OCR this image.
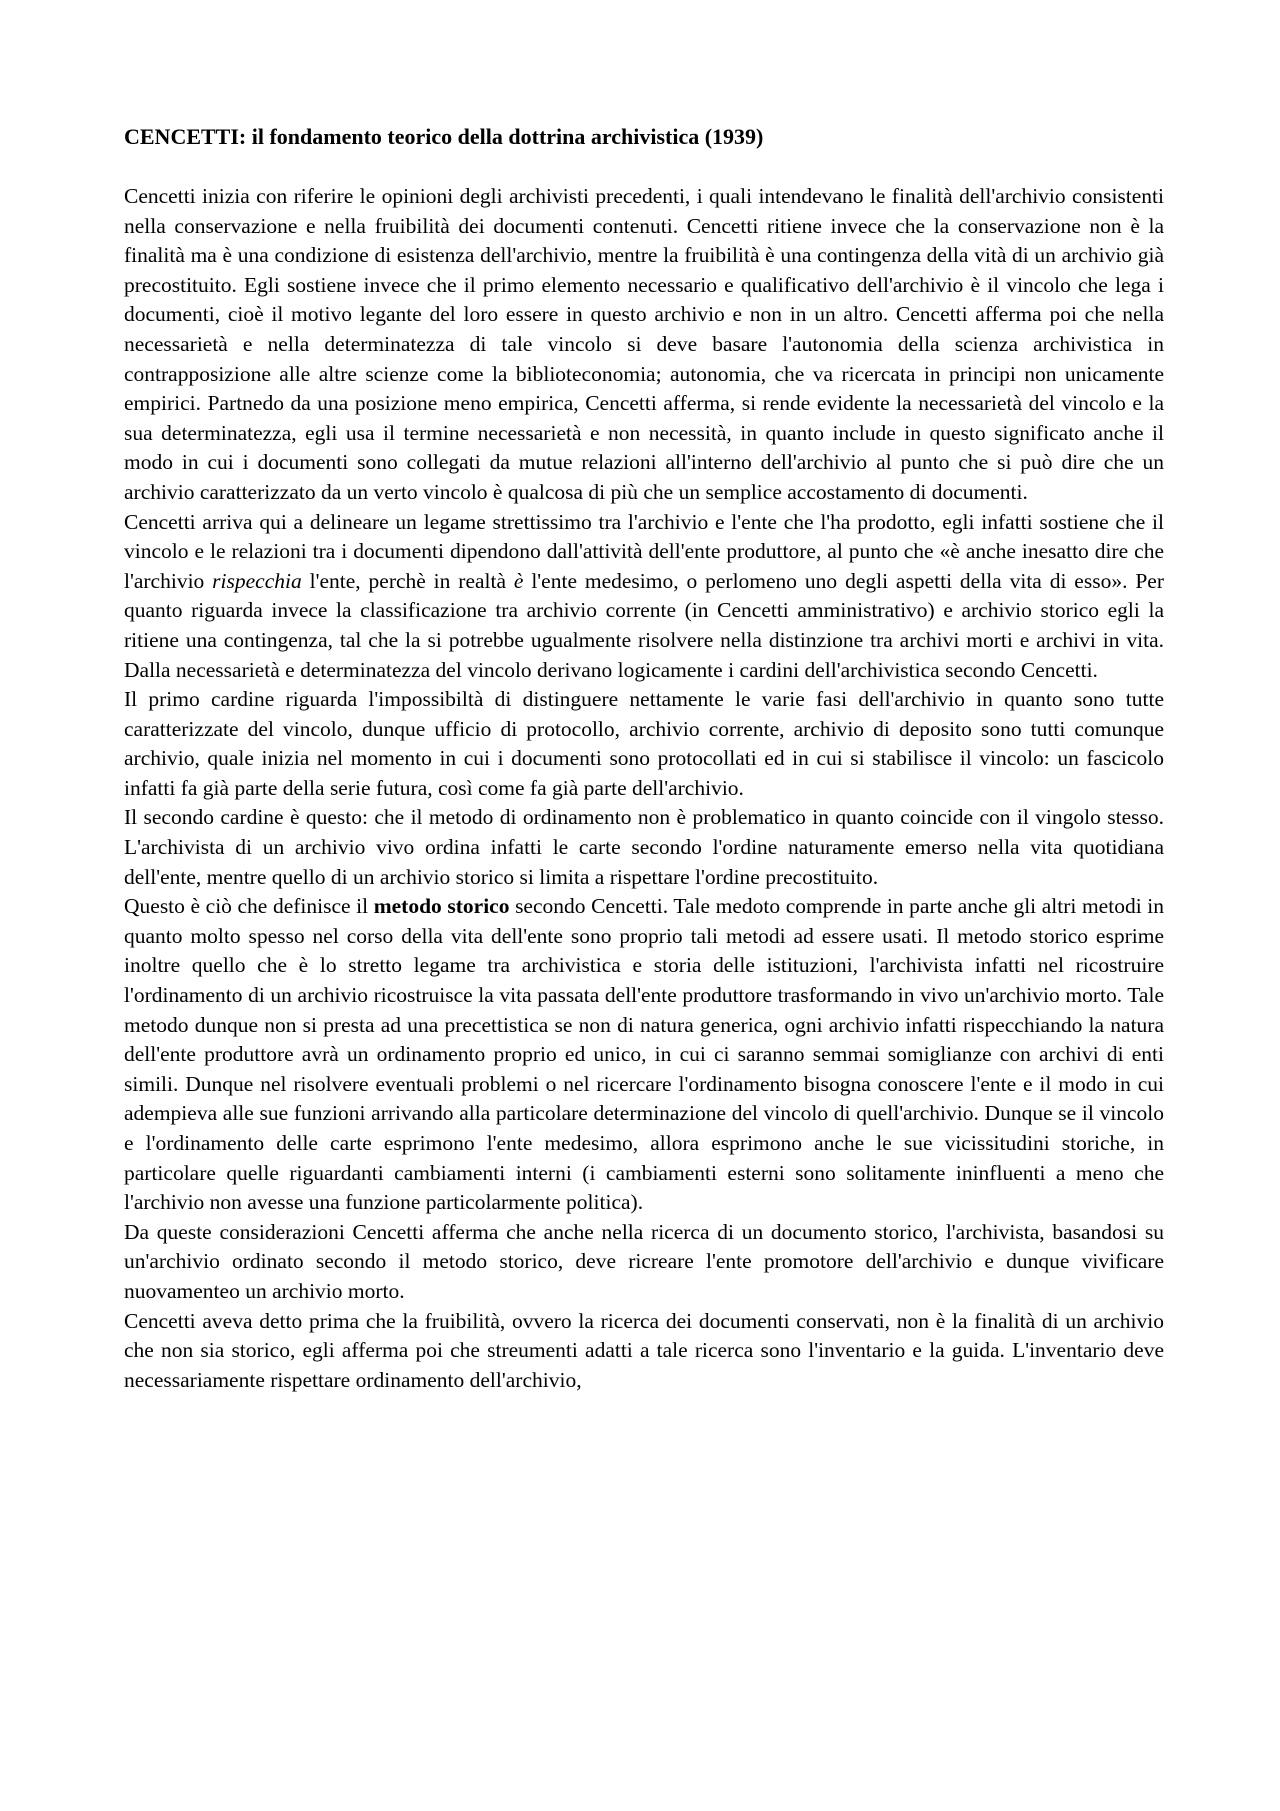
CENCETTI: il fondamento teorico della dottrina archivistica (1939)

Cencetti inizia con riferire le opinioni degli archivisti precedenti, i quali intendevano le finalità dell'archivio consistenti nella conservazione e nella fruibilità dei documenti contenuti. Cencetti ritiene invece che la conservazione non è la finalità ma è una condizione di esistenza dell'archivio, mentre la fruibilità è una contingenza della vità di un archivio già precostituito. Egli sostiene invece che il primo elemento necessario e qualificativo dell'archivio è il vincolo che lega i documenti, cioè il motivo legante del loro essere in questo archivio e non in un altro. Cencetti afferma poi che nella necessarietà e nella determinatezza di tale vincolo si deve basare l'autonomia della scienza archivistica in contrapposizione alle altre scienze come la biblioteconomia; autonomia, che va ricercata in principi non unicamente empirici. Partnedo da una posizione meno empirica, Cencetti afferma, si rende evidente la necessarietà del vincolo e la sua determinatezza, egli usa il termine necessarietà e non necessità, in quanto include in questo significato anche il modo in cui i documenti sono collegati da mutue relazioni all'interno dell'archivio al punto che si può dire che un archivio caratterizzato da un verto vincolo è qualcosa di più che un semplice accostamento di documenti.

Cencetti arriva qui a delineare un legame strettissimo tra l'archivio e l'ente che l'ha prodotto, egli infatti sostiene che il vincolo e le relazioni tra i documenti dipendono dall'attività dell'ente produttore, al punto che «è anche inesatto dire che l'archivio rispecchia l'ente, perchè in realtà è l'ente medesimo, o perlomeno uno degli aspetti della vita di esso». Per quanto riguarda invece la classificazione tra archivio corrente (in Cencetti amministrativo) e archivio storico egli la ritiene una contingenza, tal che la si potrebbe ugualmente risolvere nella distinzione tra archivi morti e archivi in vita. Dalla necessarietà e determinatezza del vincolo derivano logicamente i cardini dell'archivistica secondo Cencetti.

Il primo cardine riguarda l'impossibiltà di distinguere nettamente le varie fasi dell'archivio in quanto sono tutte caratterizzate del vincolo, dunque ufficio di protocollo, archivio corrente, archivio di deposito sono tutti comunque archivio, quale inizia nel momento in cui i documenti sono protocollati ed in cui si stabilisce il vincolo: un fascicolo infatti fa già parte della serie futura, così come fa già parte dell'archivio.

Il secondo cardine è questo: che il metodo di ordinamento non è problematico in quanto coincide con il vingolo stesso. L'archivista di un archivio vivo ordina infatti le carte secondo l'ordine naturamente emerso nella vita quotidiana dell'ente, mentre quello di un archivio storico si limita a rispettare l'ordine precostituito.

Questo è ciò che definisce il metodo storico secondo Cencetti. Tale medoto comprende in parte anche gli altri metodi in quanto molto spesso nel corso della vita dell'ente sono proprio tali metodi ad essere usati. Il metodo storico esprime inoltre quello che è lo stretto legame tra archivistica e storia delle istituzioni, l'archivista infatti nel ricostruire l'ordinamento di un archivio ricostruisce la vita passata dell'ente produttore trasformando in vivo un'archivio morto. Tale metodo dunque non si presta ad una precettistica se non di natura generica, ogni archivio infatti rispecchiando la natura dell'ente produttore avrà un ordinamento proprio ed unico, in cui ci saranno semmai somiglianze con archivi di enti simili. Dunque nel risolvere eventuali problemi o nel ricercare l'ordinamento bisogna conoscere l'ente e il modo in cui adempieva alle sue funzioni arrivando alla particolare determinazione del vincolo di quell'archivio. Dunque se il vincolo e l'ordinamento delle carte esprimono l'ente medesimo, allora esprimono anche le sue vicissitudini storiche, in particolare quelle riguardanti cambiamenti interni (i cambiamenti esterni sono solitamente ininfluenti a meno che l'archivio non avesse una funzione particolarmente politica).

Da queste considerazioni Cencetti afferma che anche nella ricerca di un documento storico, l'archivista, basandosi su un'archivio ordinato secondo il metodo storico, deve ricreare l'ente promotore dell'archivio e dunque vivificare nuovamenteo un archivio morto.

Cencetti aveva detto prima che la fruibilità, ovvero la ricerca dei documenti conservati, non è la finalità di un archivio che non sia storico, egli afferma poi che streumenti adatti a tale ricerca sono l'inventario e la guida. L'inventario deve necessariamente rispettare ordinamento dell'archivio,
